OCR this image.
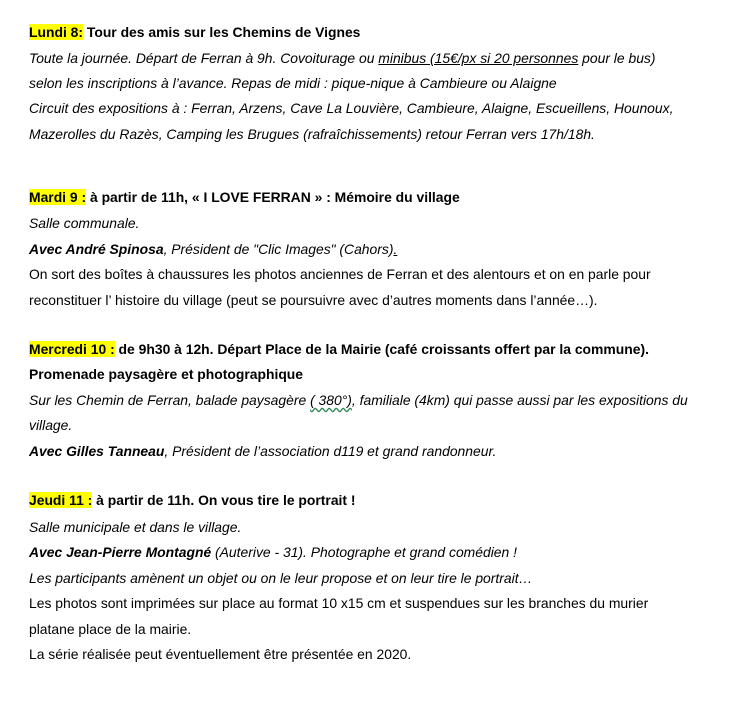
Lundi 8: Tour des amis sur les Chemins de Vignes
Toute la journée. Départ de Ferran à 9h. Covoiturage ou minibus (15€/px si 20 personnes pour le bus)
selon les inscriptions à l’avance. Repas de midi : pique-nique à Cambieure ou Alaigne
Circuit des expositions à : Ferran, Arzens, Cave La Louvière, Cambieure, Alaigne, Escueillens, Hounoux,
Mazerolles du Razès, Camping les Brugues (rafraîchissements) retour Ferran vers 17h/18h.
Mardi 9 : à partir de 11h, « I LOVE FERRAN » : Mémoire du village
Salle communale.
Avec André Spinosa, Président de "Clic Images" (Cahors).
On sort des boîtes à chaussures les photos anciennes de Ferran et des alentours et on en parle pour
reconstituer l’ histoire du village (peut se poursuivre avec d’autres moments dans l’année…).
Mercredi 10 : de 9h30 à 12h. Départ Place de la Mairie (café croissants offert par la commune).
Promenade paysagère et photographique
Sur les Chemin de Ferran, balade paysagère ( 380°), familiale (4km) qui passe aussi par les expositions du
village.
Avec Gilles Tanneau, Président de l’association d119 et grand randonneur.
Jeudi 11 : à partir de 11h. On vous tire le portrait !
Salle municipale et dans le village.
Avec Jean-Pierre Montagné (Auterive - 31). Photographe et grand comédien !
Les participants amènent un objet ou on le leur propose et on leur tire le portrait…
Les photos sont imprimées sur place au format 10 x15 cm et suspendues sur les branches du murier
platane place de la mairie.
La série réalisée peut éventuellement être présentée en 2020.
